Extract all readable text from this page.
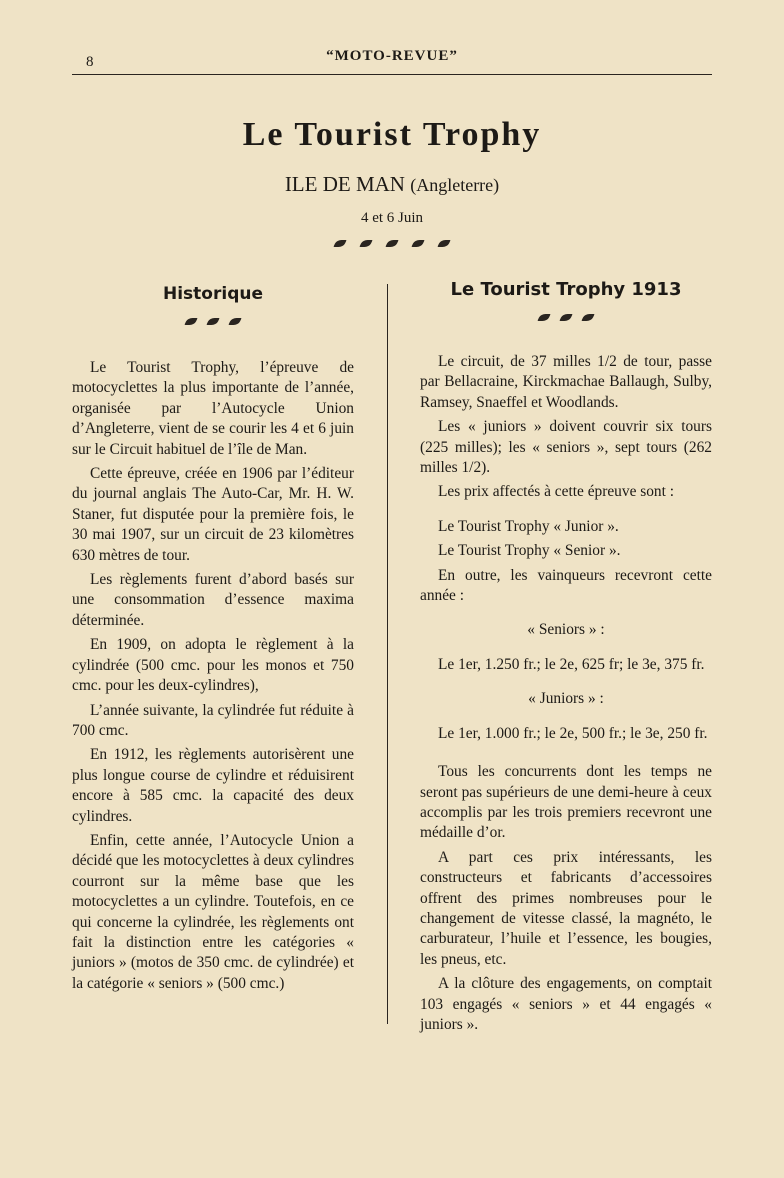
8	“MOTO-REVUE”
Le Tourist Trophy
ILE DE MAN (Angleterre)
4 et 6 Juin
Historique

Le Tourist Trophy, l’épreuve de motocyclettes la plus importante de l’année, organisée par l’Autocycle Union d’Angleterre, vient de se courir les 4 et 6 juin sur le Circuit habituel de l’île de Man.

Cette épreuve, créée en 1906 par l’éditeur du journal anglais The Auto-Car, Mr. H. W. Staner, fut disputée pour la première fois, le 30 mai 1907, sur un circuit de 23 kilomètres 630 mètres de tour.

Les règlements furent d’abord basés sur une consommation d’essence maxima déterminée.

En 1909, on adopta le règlement à la cylindrée (500 cmc. pour les monos et 750 cmc. pour les deux-cylindres),

L’année suivante, la cylindrée fut réduite à 700 cmc.

En 1912, les règlements autorisèrent une plus longue course de cylindre et réduisirent encore à 585 cmc. la capacité des deux cylindres.

Enfin, cette année, l’Autocycle Union a décidé que les motocyclettes à deux cylindres courront sur la même base que les motocyclettes a un cylindre. Toutefois, en ce qui concerne la cylindrée, les règlements ont fait la distinction entre les catégories « juniors » (motos de 350 cmc. de cylindrée) et la catégorie « seniors » (500 cmc.)

Le Tourist Trophy 1913

Le circuit, de 37 milles 1/2 de tour, passe par Bellacraine, Kirckmachae Ballaugh, Sulby, Ramsey, Snaeffel et Woodlands.

Les « juniors » doivent couvrir six tours (225 milles); les « seniors », sept tours (262 milles 1/2).

Les prix affectés à cette épreuve sont :

Le Tourist Trophy « Junior ».

Le Tourist Trophy « Senior ».

En outre, les vainqueurs recevront cette année :

« Seniors » :

Le 1er, 1.250 fr.; le 2e, 625 fr; le 3e, 375 fr.

« Juniors » :

Le 1er, 1.000 fr.; le 2e, 500 fr.; le 3e, 250 fr.

Tous les concurrents dont les temps ne seront pas supérieurs de une demi-heure à ceux accomplis par les trois premiers recevront une médaille d’or.

A part ces prix intéressants, les constructeurs et fabricants d’accessoires offrent des primes nombreuses pour le changement de vitesse classé, la magnéto, le carburateur, l’huile et l’essence, les bougies, les pneus, etc.

A la clôture des engagements, on comptait 103 engagés « seniors » et 44 engagés « juniors ».
